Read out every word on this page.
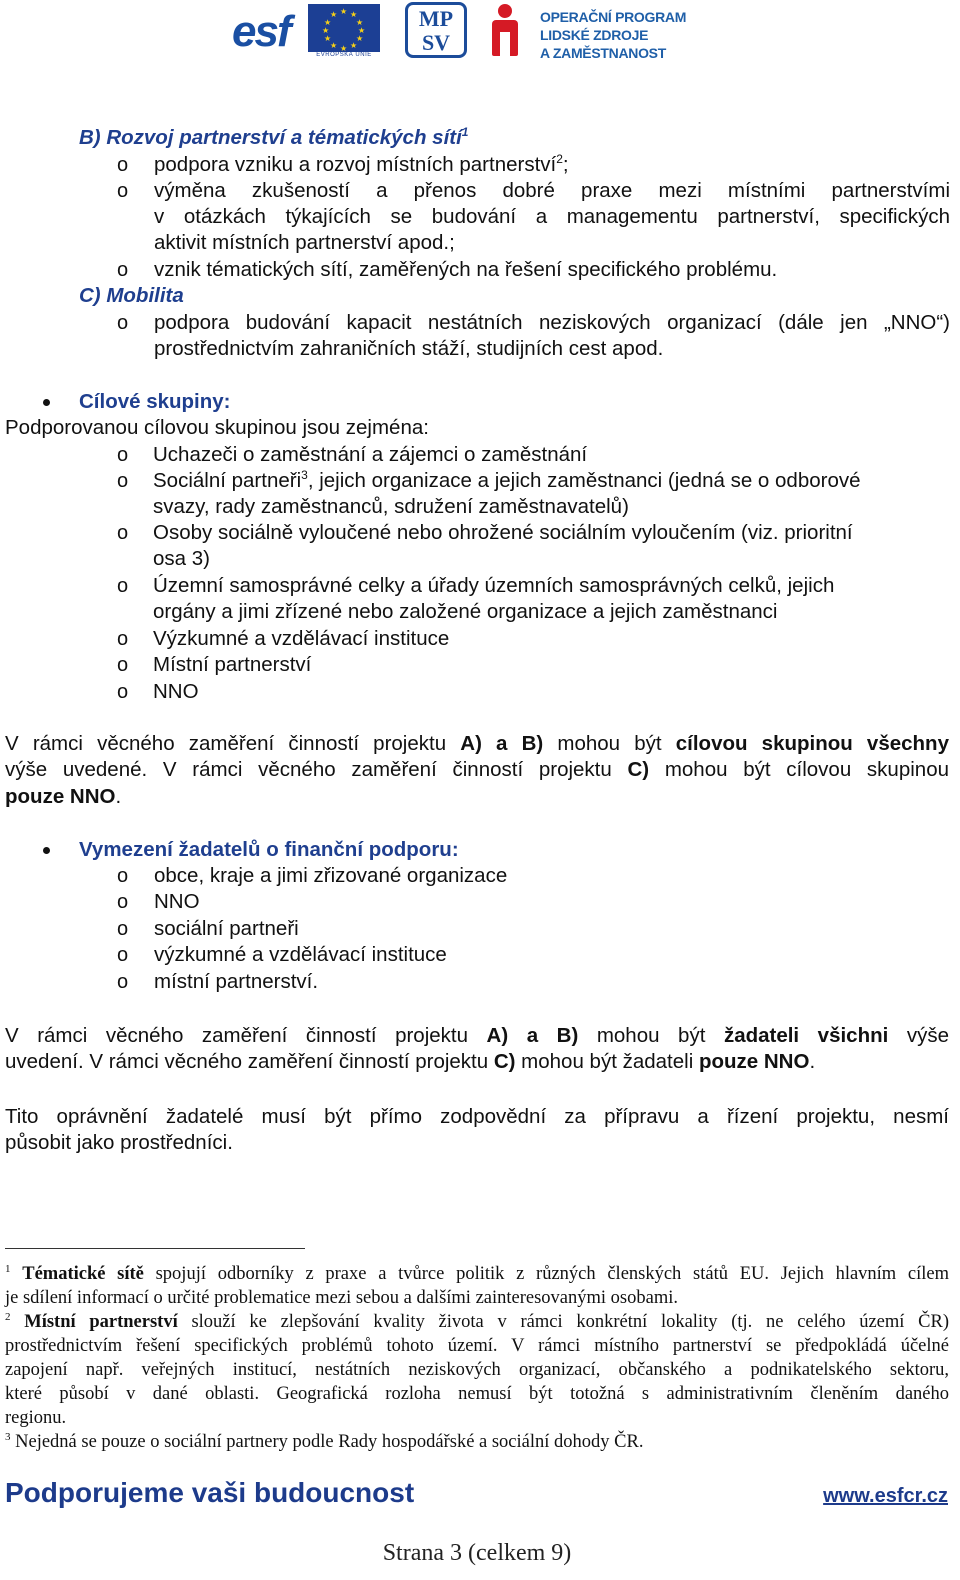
esf	★ ★
★
★
★
★
★
★
★
★
★
★
EVROPSKÁ UNIE
MP
SV
OPERAČNÍ PROGRAM
LIDSKÉ ZDROJE
A ZAMĚSTNANOST
B) Rozvoj partnerství a tématických sítí$^1$
o podpora vzniku a rozvoj místních partnerství$^2$;
o výměna zkušeností a přenos dobré praxe mezi místními partnerstvími
v otázkách týkajících se budování a managementu partnerství, specifických
aktivit místních partnerství apod.;
o vznik tématických sítí, zaměřených na řešení specifického problému.
C) Mobilita
o podpora budování kapacit nestátních neziskových organizací (dále jen „NNO“)
prostřednictvím zahraničních stáží, studijních cest apod.
Cílové skupiny:
Podporovanou cílovou skupinou jsou zejména:
o Uchazeči o zaměstnání a zájemci o zaměstnání
o Sociální partneři$^3$, jejich organizace a jejich zaměstnanci (jedná se o odborové
svazy, rady zaměstnanců, sdružení zaměstnavatelů)
o Osoby sociálně vyloučené nebo ohrožené sociálním vyloučením (viz. prioritní
osa 3)
o Územní samosprávné celky a úřady územních samosprávných celků, jejich
orgány a jimi zřízené nebo založené organizace a jejich zaměstnanci
o Výzkumné a vzdělávací instituce
o Místní partnerství
o NNO
V rámci věcného zaměření činností projektu A) a B) mohou být cílovou skupinou všechny
výše uvedené. V rámci věcného zaměření činností projektu C) mohou být cílovou skupinou
pouze NNO.
Vymezení žadatelů o finanční podporu:
o obce, kraje a jimi zřizované organizace
o NNO
o sociální partneři
o výzkumné a vzdělávací instituce
o místní partnerství.
V rámci věcného zaměření činností projektu A) a B) mohou být žadateli všichni výše
uvedení. V rámci věcného zaměření činností projektu C) mohou být žadateli pouze NNO.
Tito oprávnění žadatelé musí být přímo zodpovědní za přípravu a řízení projektu, nesmí
působit jako prostředníci.
$^1$ Tématické sítě spojují odborníky z praxe a tvůrce politik z různých členských států EU. Jejich hlavním cílem
je sdílení informací o určité problematice mezi sebou a dalšími zainteresovanými osobami.
$^2$ Místní partnerství slouží ke zlepšování kvality života v rámci konkrétní lokality (tj. ne celého území ČR)
prostřednictvím řešení specifických problémů tohoto území. V rámci místního partnerství se předpokládá účelné
zapojení např. veřejných institucí, nestátních neziskových organizací, občanského a podnikatelského sektoru,
které působí v dané oblasti. Geografická rozloha nemusí být totožná s administrativním členěním daného
regionu.
$^3$ Nejedná se pouze o sociální partnery podle Rady hospodářské a sociální dohody ČR.
Podporujeme vaši budoucnost	www.esfcr.cz
Strana 3 (celkem 9)
